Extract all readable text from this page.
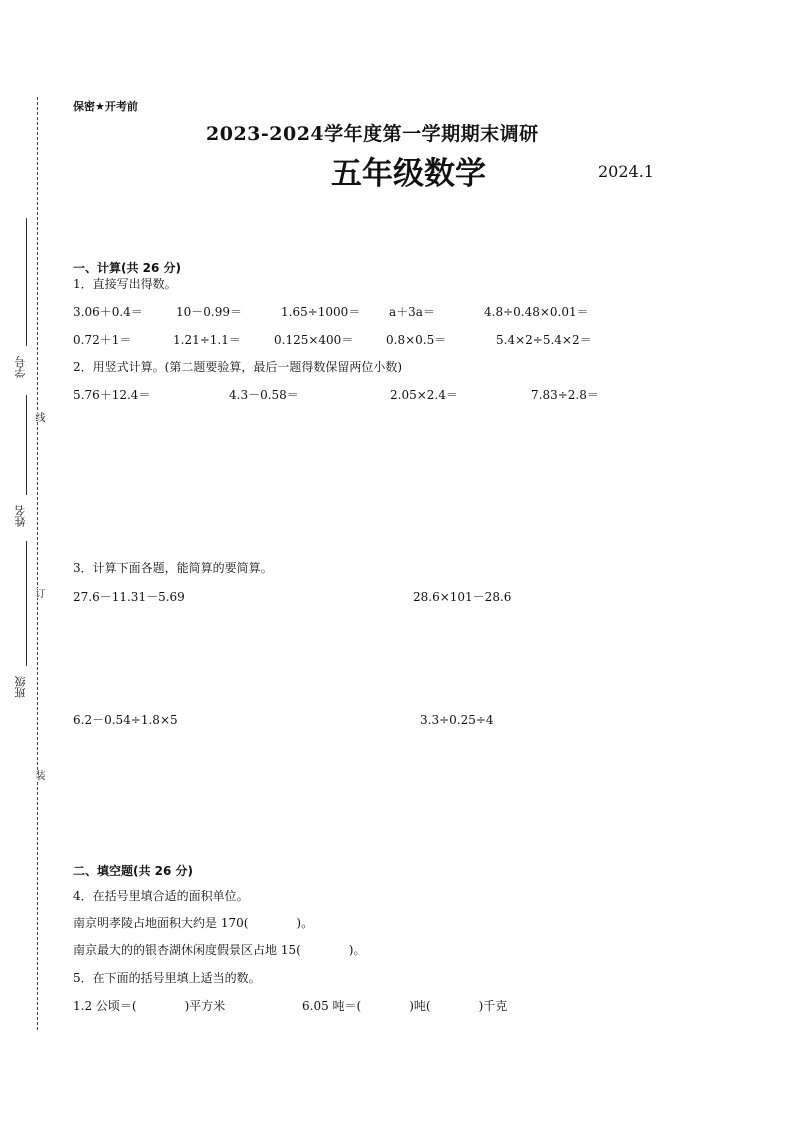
学号
姓名
班级
线
订
装
保密★开考前
2023-2024学年度第一学期期末调研
五年级数学	2024.1
一、计算(共 26 分)
1．直接写出得数。
3.06＋0.4＝	10－0.99＝	1.65÷1000＝ a＋3a＝	4.8÷0.48×0.01＝
0.72＋1＝	1.21÷1.1＝	0.125×400＝	0.8×0.5＝	5.4×2÷5.4×2＝
2．用竖式计算。(第二题要验算，最后一题得数保留两位小数)
5.76＋12.4＝	4.3－0.58＝	2.05×2.4＝	7.83÷2.8＝
3．计算下面各题，能简算的要简算。
27.6－11.31－5.69	28.6×101－28.6
6.2－0.54÷1.8×5	3.3÷0.25÷4
二、填空题(共 26 分)
4．在括号里填合适的面积单位。
南京明孝陵占地面积大约是 170(　　　　)。
南京最大的的银杏湖休闲度假景区占地 15(　　　　)。
5．在下面的括号里填上适当的数。
1.2 公顷＝(　　　　)平方米	6.05 吨＝(　　　　)吨(　　　　)千克
